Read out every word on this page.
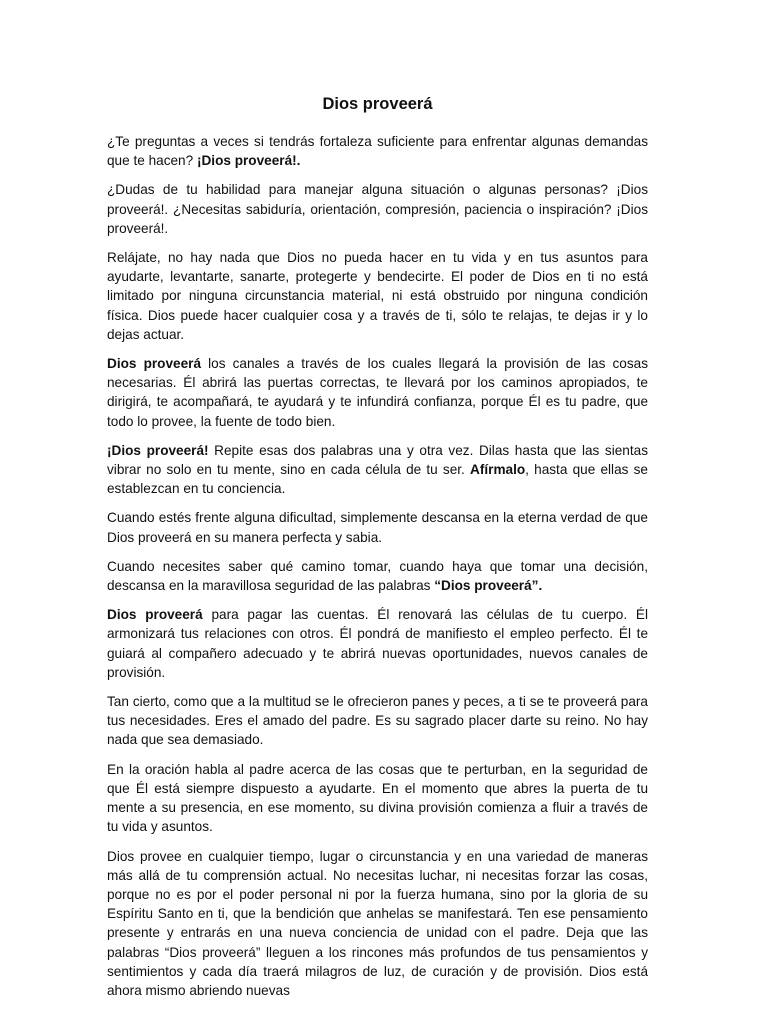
Dios proveerá

¿Te preguntas a veces si tendrás fortaleza suficiente para enfrentar algunas demandas que te hacen? ¡Dios proveerá!.

¿Dudas de tu habilidad para manejar alguna situación o algunas personas? ¡Dios proveerá!. ¿Necesitas sabiduría, orientación, compresión, paciencia o inspiración? ¡Dios proveerá!.

Relájate, no hay nada que Dios no pueda hacer en tu vida y en tus asuntos para ayudarte, levantarte, sanarte, protegerte y bendecirte. El poder de Dios en ti no está limitado por ninguna circunstancia material, ni está obstruido por ninguna condición física. Dios puede hacer cualquier cosa y a través de ti, sólo te relajas, te dejas ir y lo dejas actuar.

Dios proveerá los canales a través de los cuales llegará la provisión de las cosas necesarias. Él abrirá las puertas correctas, te llevará por los caminos apropiados, te dirigirá, te acompañará, te ayudará y te infundirá confianza, porque Él es tu padre, que todo lo provee, la fuente de todo bien.

¡Dios proveerá! Repite esas dos palabras una y otra vez. Dilas hasta que las sientas vibrar no solo en tu mente, sino en cada célula de tu ser. Afírmalo, hasta que ellas se establezcan en tu conciencia.

Cuando estés frente alguna dificultad, simplemente descansa en la eterna verdad de que Dios proveerá en su manera perfecta y sabia.

Cuando necesites saber qué camino tomar, cuando haya que tomar una decisión, descansa en la maravillosa seguridad de las palabras “Dios proveerá”.

Dios proveerá para pagar las cuentas. Él renovará las células de tu cuerpo. Él armonizará tus relaciones con otros. Él pondrá de manifiesto el empleo perfecto. Él te guiará al compañero adecuado y te abrirá nuevas oportunidades, nuevos canales de provisión.

Tan cierto, como que a la multitud se le ofrecieron panes y peces, a ti se te proveerá para tus necesidades. Eres el amado del padre. Es su sagrado placer darte su reino. No hay nada que sea demasiado.

En la oración habla al padre acerca de las cosas que te perturban, en la seguridad de que Él está siempre dispuesto a ayudarte. En el momento que abres la puerta de tu mente a su presencia, en ese momento, su divina provisión comienza a fluir a través de tu vida y asuntos.

Dios provee en cualquier tiempo, lugar o circunstancia y en una variedad de maneras más allá de tu comprensión actual. No necesitas luchar, ni necesitas forzar las cosas, porque no es por el poder personal ni por la fuerza humana, sino por la gloria de su Espíritu Santo en ti, que la bendición que anhelas se manifestará. Ten ese pensamiento presente y entrarás en una nueva conciencia de unidad con el padre. Deja que las palabras “Dios proveerá” lleguen a los rincones más profundos de tus pensamientos y sentimientos y cada día traerá milagros de luz, de curación y de provisión. Dios está ahora mismo abriendo nuevas
